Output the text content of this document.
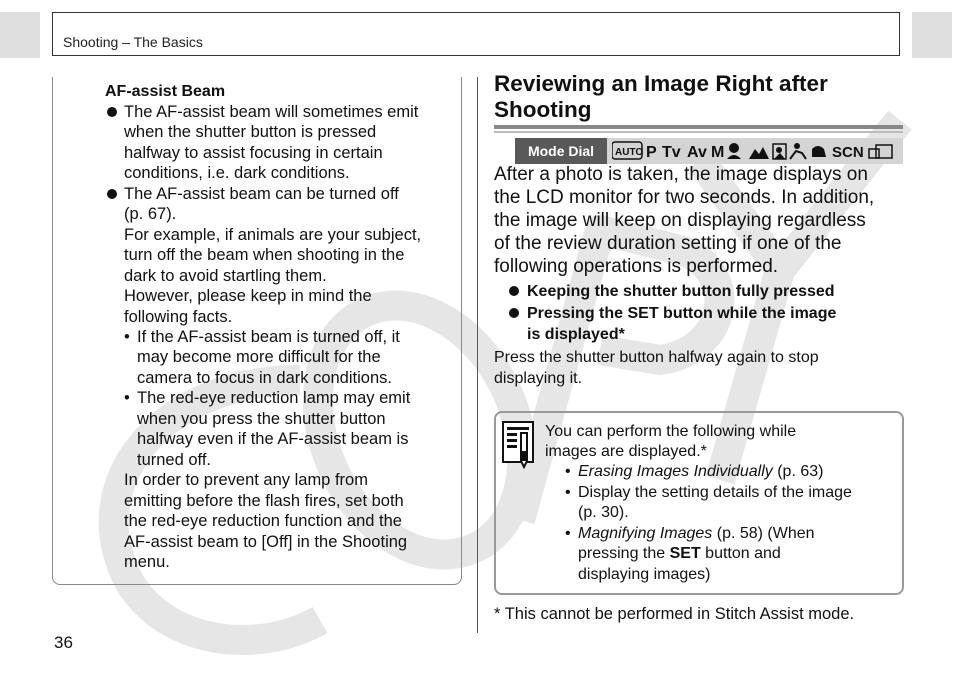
Shooting – The Basics
AF-assist Beam
The AF-assist beam will sometimes emit
when the shutter button is pressed
halfway to assist focusing in certain
conditions, i.e. dark conditions.
The AF-assist beam can be turned off
(p. 67).
For example, if animals are your subject,
turn off the beam when shooting in the
dark to avoid startling them.
However, please keep in mind the
following facts.
• If the AF-assist beam is turned off, it
may become more difficult for the
camera to focus in dark conditions.
• The red-eye reduction lamp may emit
when you press the shutter button
halfway even if the AF-assist beam is
turned off.
In order to prevent any lamp from
emitting before the flash fires, set both
the red-eye reduction function and the
AF-assist beam to [Off] in the Shooting
menu.
Reviewing an Image Right after
Shooting
Mode Dial	AUTO P Tv Av M	SCN
After a photo is taken, the image displays on
the LCD monitor for two seconds. In addition,
the image will keep on displaying regardless
of the review duration setting if one of the
following operations is performed.
Keeping the shutter button fully pressed
Pressing the SET button while the image
is displayed*
Press the shutter button halfway again to stop
displaying it.
You can perform the following while
images are displayed.*
• Erasing Images Individually (p. 63)
• Display the setting details of the image
(p. 30).
• Magnifying Images (p. 58) (When
pressing the SET button and
displaying images)
* This cannot be performed in Stitch Assist mode.
36
